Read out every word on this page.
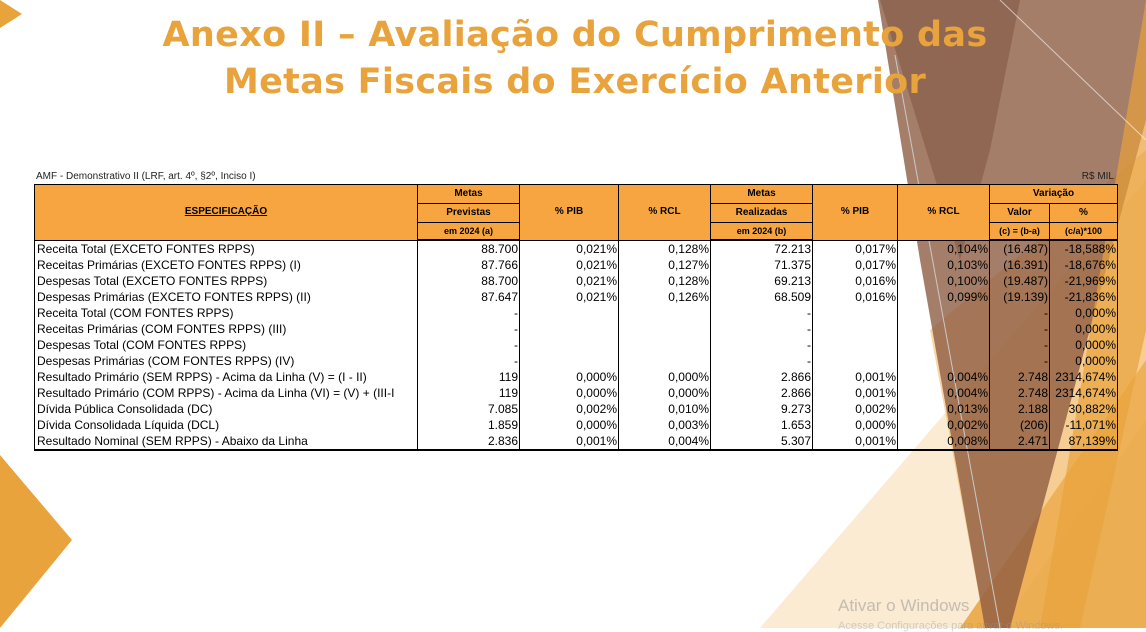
Anexo II – Avaliação do Cumprimento das
Metas Fiscais do Exercício Anterior
AMF - Demonstrativo II (LRF, art. 4º, §2º, Inciso I)	R$ MIL
ESPECIFICAÇÃO	Metas	% PIB	% RCL	Metas	% PIB	% RCL	Variação	
	Previstas			Realizadas			Valor	%
	em 2024 (a)			em 2024 (b)			(c) = (b-a)	(c/a)*100
Receita Total (EXCETO FONTES RPPS)	88.700	0,021%	0,128%	72.213	0,017%	0,104%	(16.487)	-18,588%
Receitas Primárias (EXCETO FONTES RPPS) (I)	87.766	0,021%	0,127%	71.375	0,017%	0,103%	(16.391)	-18,676%
Despesas Total (EXCETO FONTES RPPS)	88.700	0,021%	0,128%	69.213	0,016%	0,100%	(19.487)	-21,969%
Despesas Primárias (EXCETO FONTES RPPS) (II)	87.647	0,021%	0,126%	68.509	0,016%	0,099%	(19.139)	-21,836%
Receita Total (COM FONTES RPPS)	-			-			-	0,000%
Receitas Primárias (COM FONTES RPPS) (III)	-			-			-	0,000%
Despesas Total (COM FONTES RPPS)	-			-			-	0,000%
Despesas Primárias (COM FONTES RPPS) (IV)	-			-			-	0,000%
Resultado Primário (SEM RPPS) - Acima da Linha (V) = (I - II)	119	0,000%	0,000%	2.866	0,001%	0,004%	2.748	2314,674%
Resultado Primário (COM RPPS) - Acima da Linha (VI) = (V) + (III-I	119	0,000%	0,000%	2.866	0,001%	0,004%	2.748	2314,674%
Dívida Pública Consolidada (DC)	7.085	0,002%	0,010%	9.273	0,002%	0,013%	2.188	30,882%
Dívida Consolidada Líquida (DCL)	1.859	0,000%	0,003%	1.653	0,000%	0,002%	(206)	-11,071%
Resultado Nominal (SEM RPPS) - Abaixo da Linha	2.836	0,001%	0,004%	5.307	0,001%	0,008%	2.471	87,139%
Ativar o Windows
Acesse Configurações para ativar o Windows.
